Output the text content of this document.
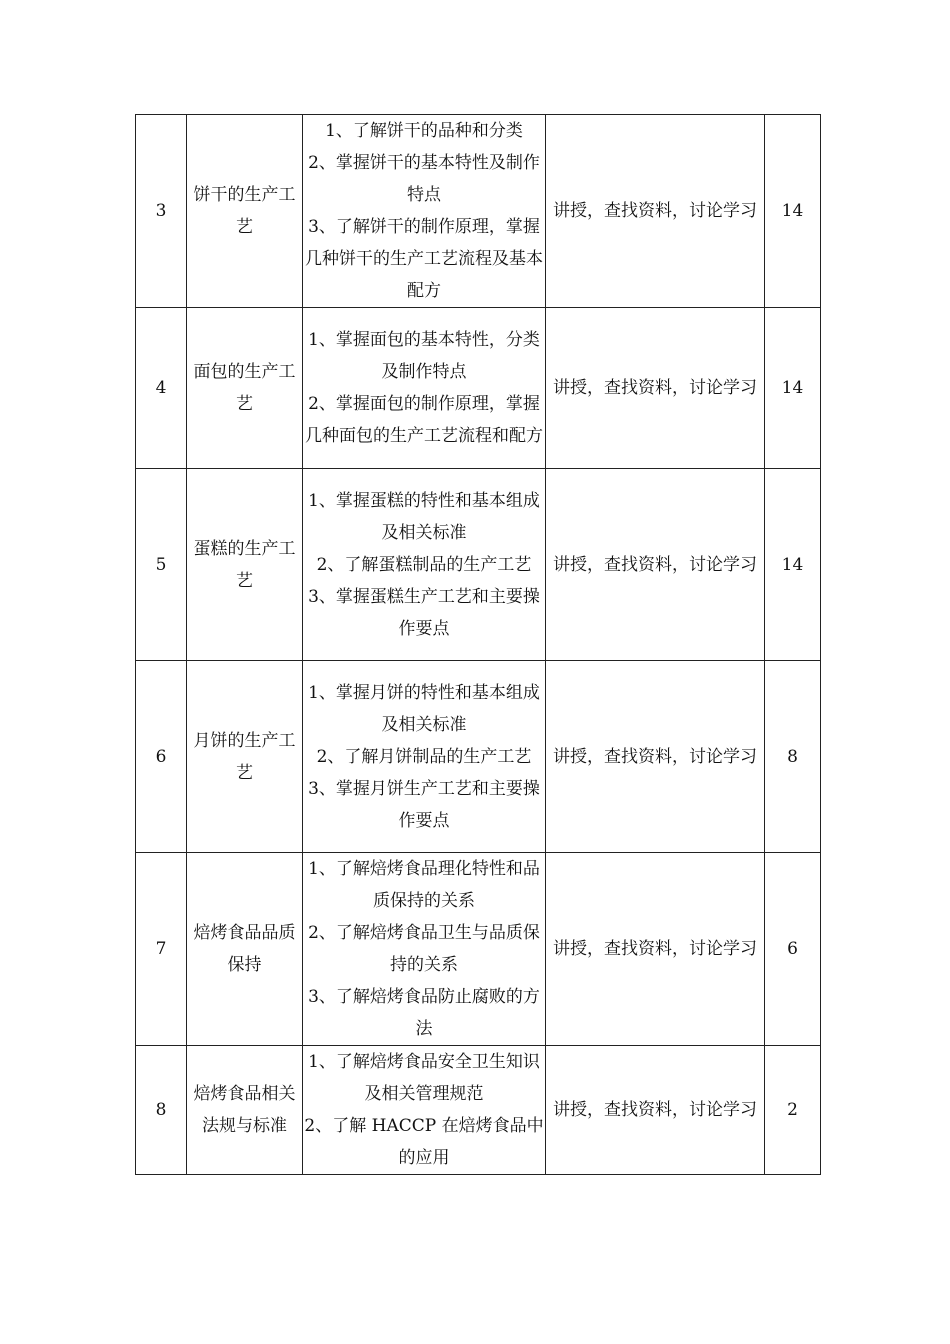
3	饼干的生产工艺	1、了解饼干的品种和分类
2、掌握饼干的基本特性及制作特点
3、了解饼干的制作原理，掌握几种饼干的生产工艺流程及基本配方	讲授，查找资料，讨论学习	14
4	面包的生产工艺	1、掌握面包的基本特性，分类及制作特点
2、掌握面包的制作原理，掌握几种面包的生产工艺流程和配方	讲授，查找资料，讨论学习	14
5	蛋糕的生产工艺	1、掌握蛋糕的特性和基本组成及相关标准
2、了解蛋糕制品的生产工艺
3、掌握蛋糕生产工艺和主要操作要点	讲授，查找资料，讨论学习	14
6	月饼的生产工艺	1、掌握月饼的特性和基本组成及相关标准
2、了解月饼制品的生产工艺
3、掌握月饼生产工艺和主要操作要点	讲授，查找资料，讨论学习	8
7	焙烤食品品质保持	1、了解焙烤食品理化特性和品质保持的关系
2、了解焙烤食品卫生与品质保持的关系
3、了解焙烤食品防止腐败的方法	讲授，查找资料，讨论学习	6
8	焙烤食品相关法规与标准	1、了解焙烤食品安全卫生知识及相关管理规范
2、了解 HACCP 在焙烤食品中的应用	讲授，查找资料，讨论学习	2
